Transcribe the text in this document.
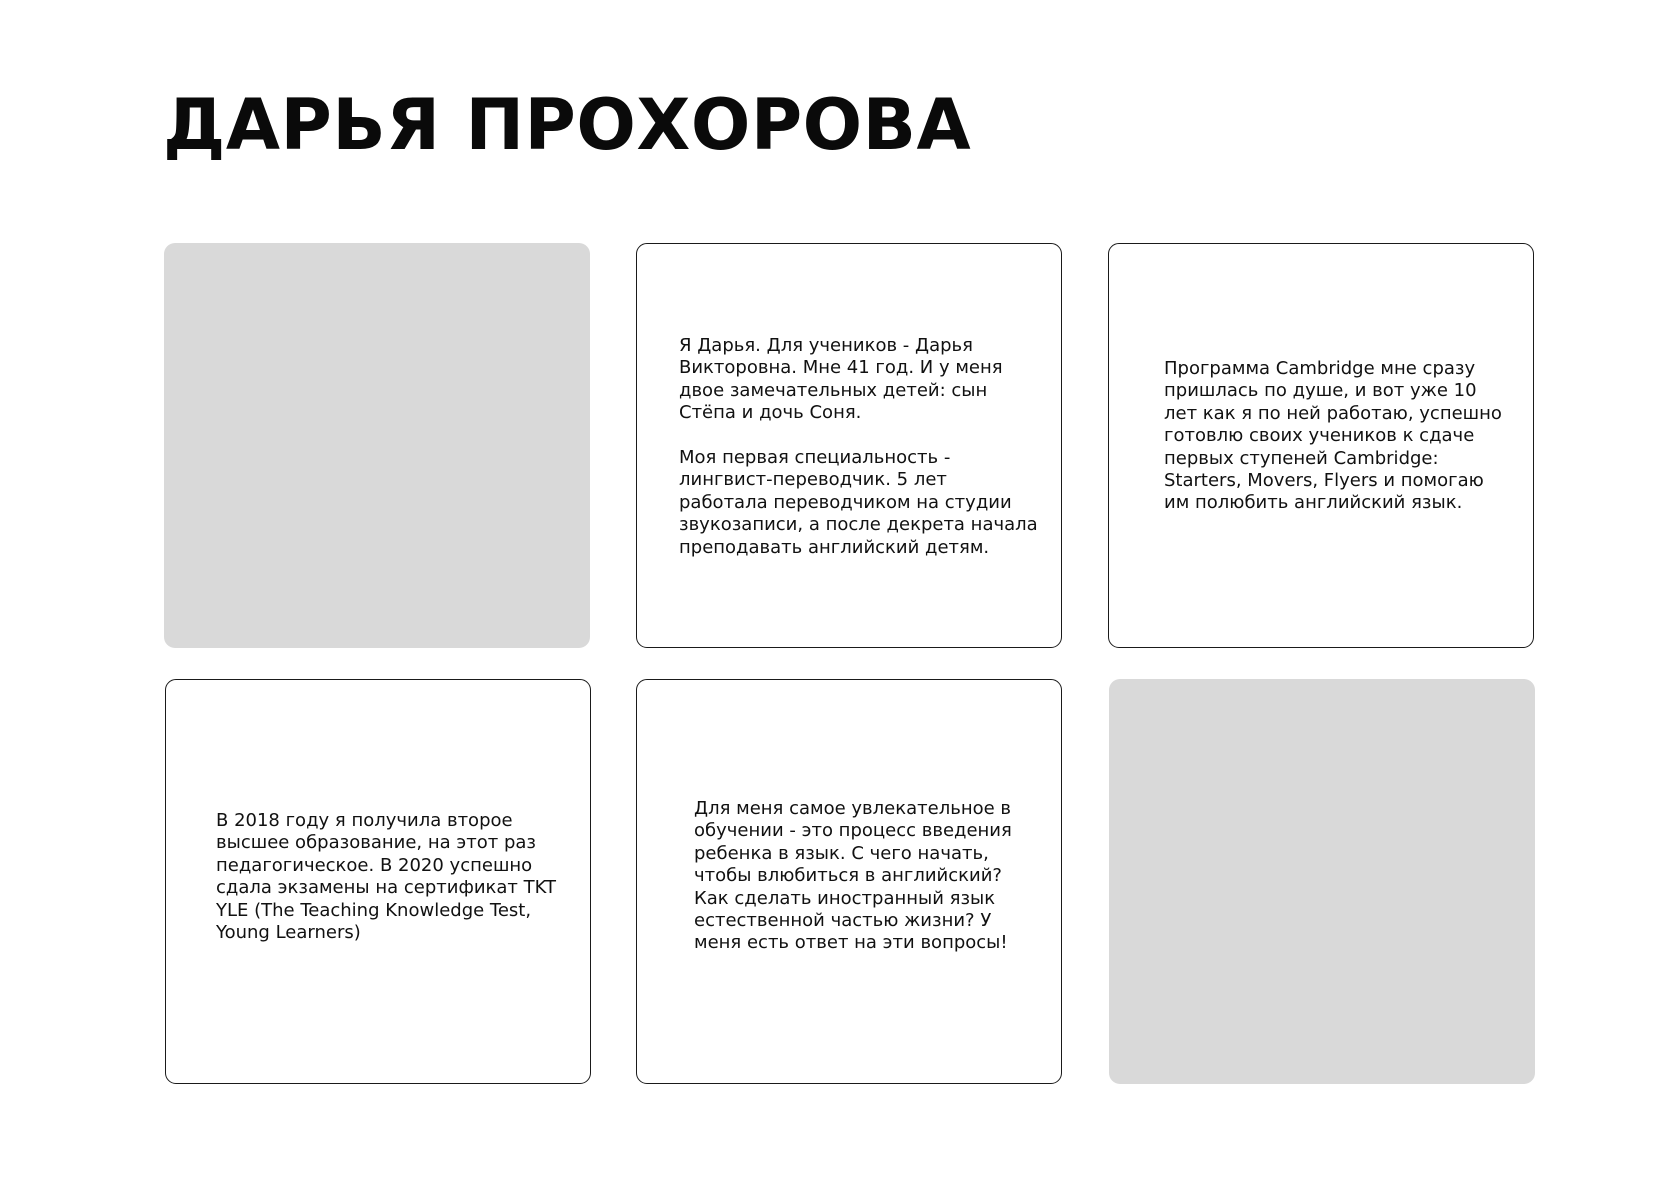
ДАРЬЯ ПРОХОРОВА
Я Дарья. Для учеников - Дарья Викторовна. Мне 41 год. И у меня двое замечательных детей: сын Стёпа и дочь Соня.

Моя первая специальность - лингвист-переводчик. 5 лет работала переводчиком на студии звукозаписи, а после декрета начала преподавать английский детям.
Программа Cambridge мне сразу пришлась по душе, и вот уже 10 лет как я по ней работаю, успешно готовлю своих учеников к сдаче первых ступеней Cambridge: Starters, Movers, Flyers и помогаю им полюбить английский язык.
В 2018 году я получила второе высшее образование, на этот раз педагогическое. В 2020 успешно сдала экзамены на сертификат TKT YLE (The Teaching Knowledge Test, Young Learners)
Для меня самое увлекательное в обучении - это процесс введения ребенка в язык. С чего начать, чтобы влюбиться в английский? Как сделать иностранный язык естественной частью жизни? У меня есть ответ на эти вопросы!
